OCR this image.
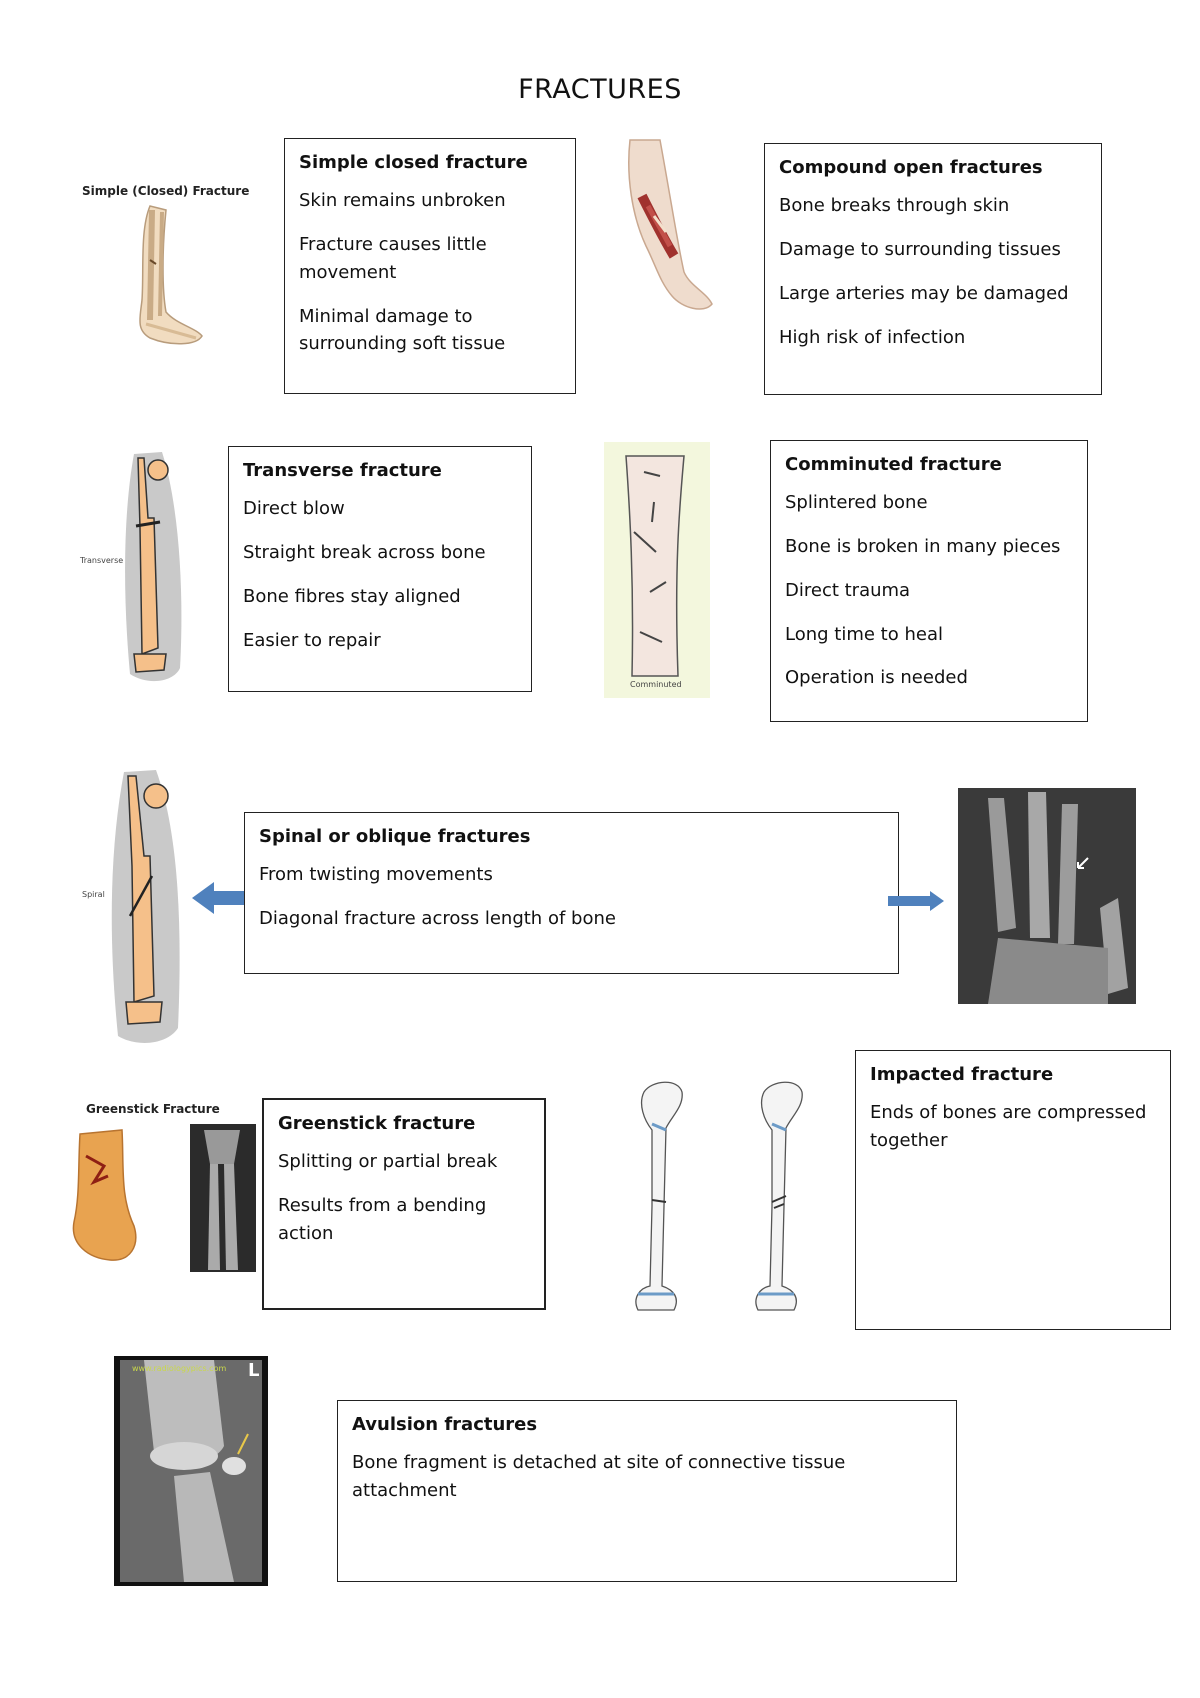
FRACTURES
Simple (Closed) Fracture
Simple closed fracture

Skin remains unbroken

Fracture causes little movement

Minimal damage to surrounding soft tissue

Compound open fractures

Bone breaks through skin

Damage to surrounding tissues

Large arteries may be damaged

High risk of infection

Transverse
Transverse fracture

Direct blow

Straight break across bone

Bone fibres stay aligned

Easier to repair

Comminuted
Comminuted fracture

Splintered bone

Bone is broken in many pieces

Direct trauma

Long time to heal

Operation is needed

Spiral
Spinal or oblique fractures

From twisting movements

Diagonal fracture across length of bone

Greenstick Fracture
Greenstick fracture

Splitting or partial break

Results from a bending action

Impacted fracture

Ends of bones are compressed together

www.radiologypics.com L
Avulsion fractures

Bone fragment is detached at site of connective tissue attachment
